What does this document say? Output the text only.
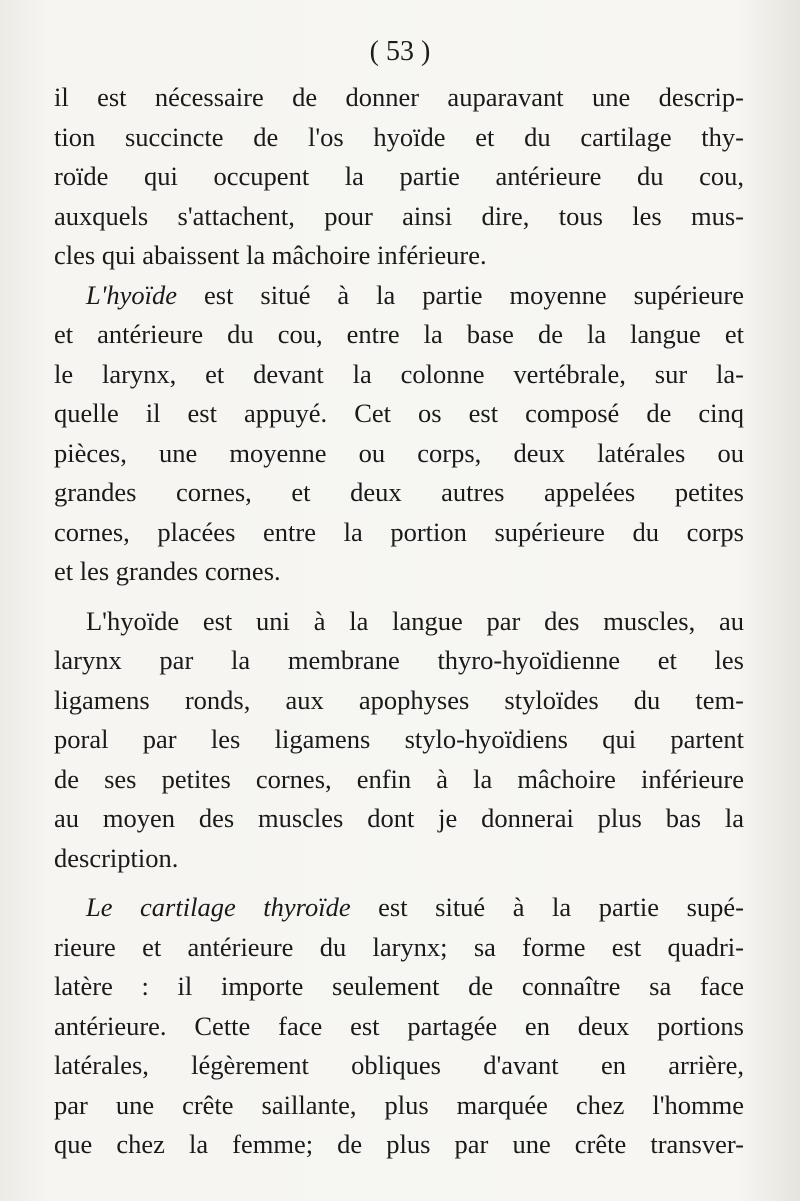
( 53 )
il est nécessaire de donner auparavant une descrip-
tion succincte de l'os hyoïde et du cartilage thy-
roïde qui occupent la partie antérieure du cou,
auxquels s'attachent, pour ainsi dire, tous les mus-
cles qui abaissent la mâchoire inférieure.
L'hyoïde est situé à la partie moyenne supérieure
et antérieure du cou, entre la base de la langue et
le larynx, et devant la colonne vertébrale, sur la-
quelle il est appuyé. Cet os est composé de cinq
pièces, une moyenne ou corps, deux latérales ou
grandes cornes, et deux autres appelées petites
cornes, placées entre la portion supérieure du corps
et les grandes cornes.
L'hyoïde est uni à la langue par des muscles, au
larynx par la membrane thyro-hyoïdienne et les
ligamens ronds, aux apophyses styloïdes du tem-
poral par les ligamens stylo-hyoïdiens qui partent
de ses petites cornes, enfin à la mâchoire inférieure
au moyen des muscles dont je donnerai plus bas la
description.
Le cartilage thyroïde est situé à la partie supé-
rieure et antérieure du larynx; sa forme est quadri-
latère : il importe seulement de connaître sa face
antérieure. Cette face est partagée en deux portions
latérales, légèrement obliques d'avant en arrière,
par une crête saillante, plus marquée chez l'homme
que chez la femme; de plus par une crête transver-
